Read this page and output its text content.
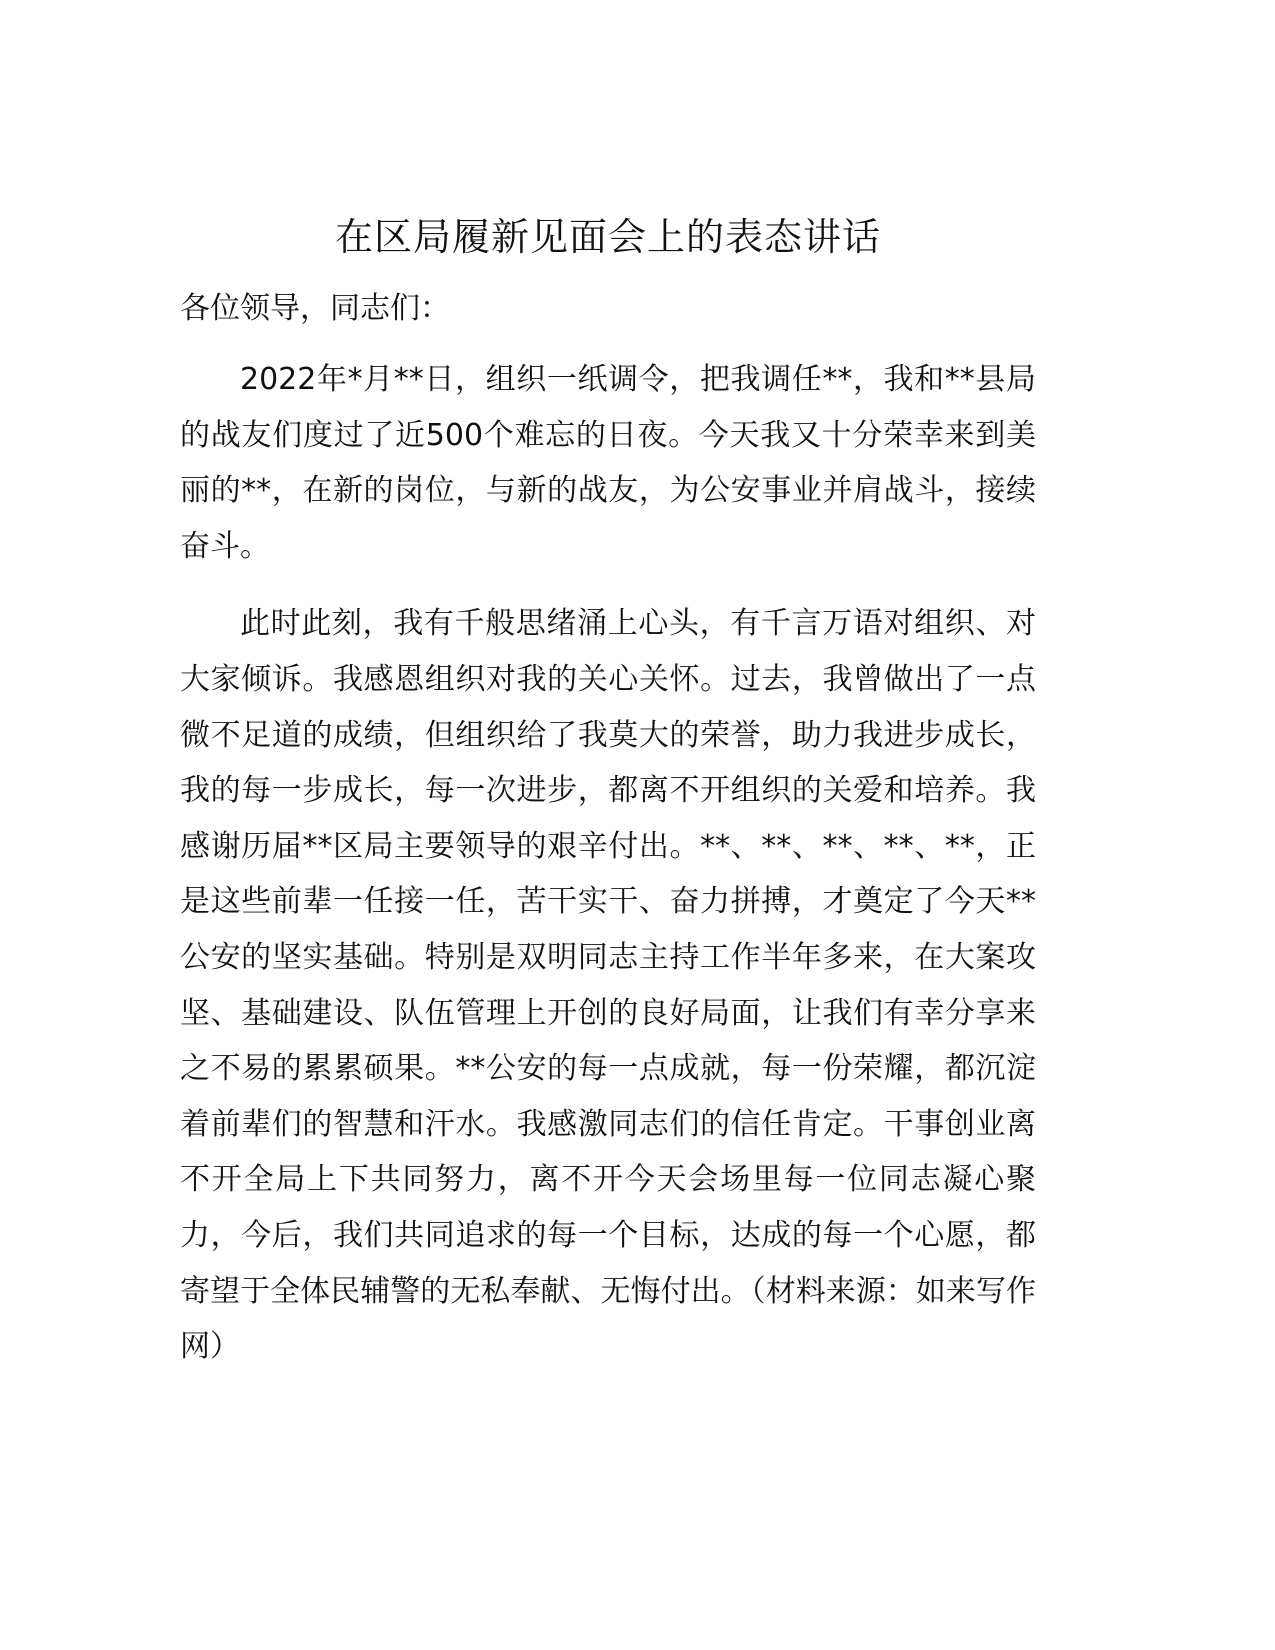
在区局履新见面会上的表态讲话

各位领导，同志们：

2022年*月**日，组织一纸调令，把我调任**，我和**县局的战友们度过了近500个难忘的日夜。今天我又十分荣幸来到美丽的**，在新的岗位，与新的战友，为公安事业并肩战斗，接续奋斗。

此时此刻，我有千般思绪涌上心头，有千言万语对组织、对大家倾诉。我感恩组织对我的关心关怀。过去，我曾做出了一点微不足道的成绩，但组织给了我莫大的荣誉，助力我进步成长，我的每一步成长，每一次进步，都离不开组织的关爱和培养。我感谢历届**区局主要领导的艰辛付出。**、**、**、**、**，正是这些前辈一任接一任，苦干实干、奋力拼搏，才奠定了今天**公安的坚实基础。特别是双明同志主持工作半年多来，在大案攻坚、基础建设、队伍管理上开创的良好局面，让我们有幸分享来之不易的累累硕果。**公安的每一点成就，每一份荣耀，都沉淀着前辈们的智慧和汗水。我感激同志们的信任肯定。干事创业离不开全局上下共同努力，离不开今天会场里每一位同志凝心聚力，今后，我们共同追求的每一个目标，达成的每一个心愿，都寄望于全体民辅警的无私奉献、无悔付出。（材料来源：如来写作网）
